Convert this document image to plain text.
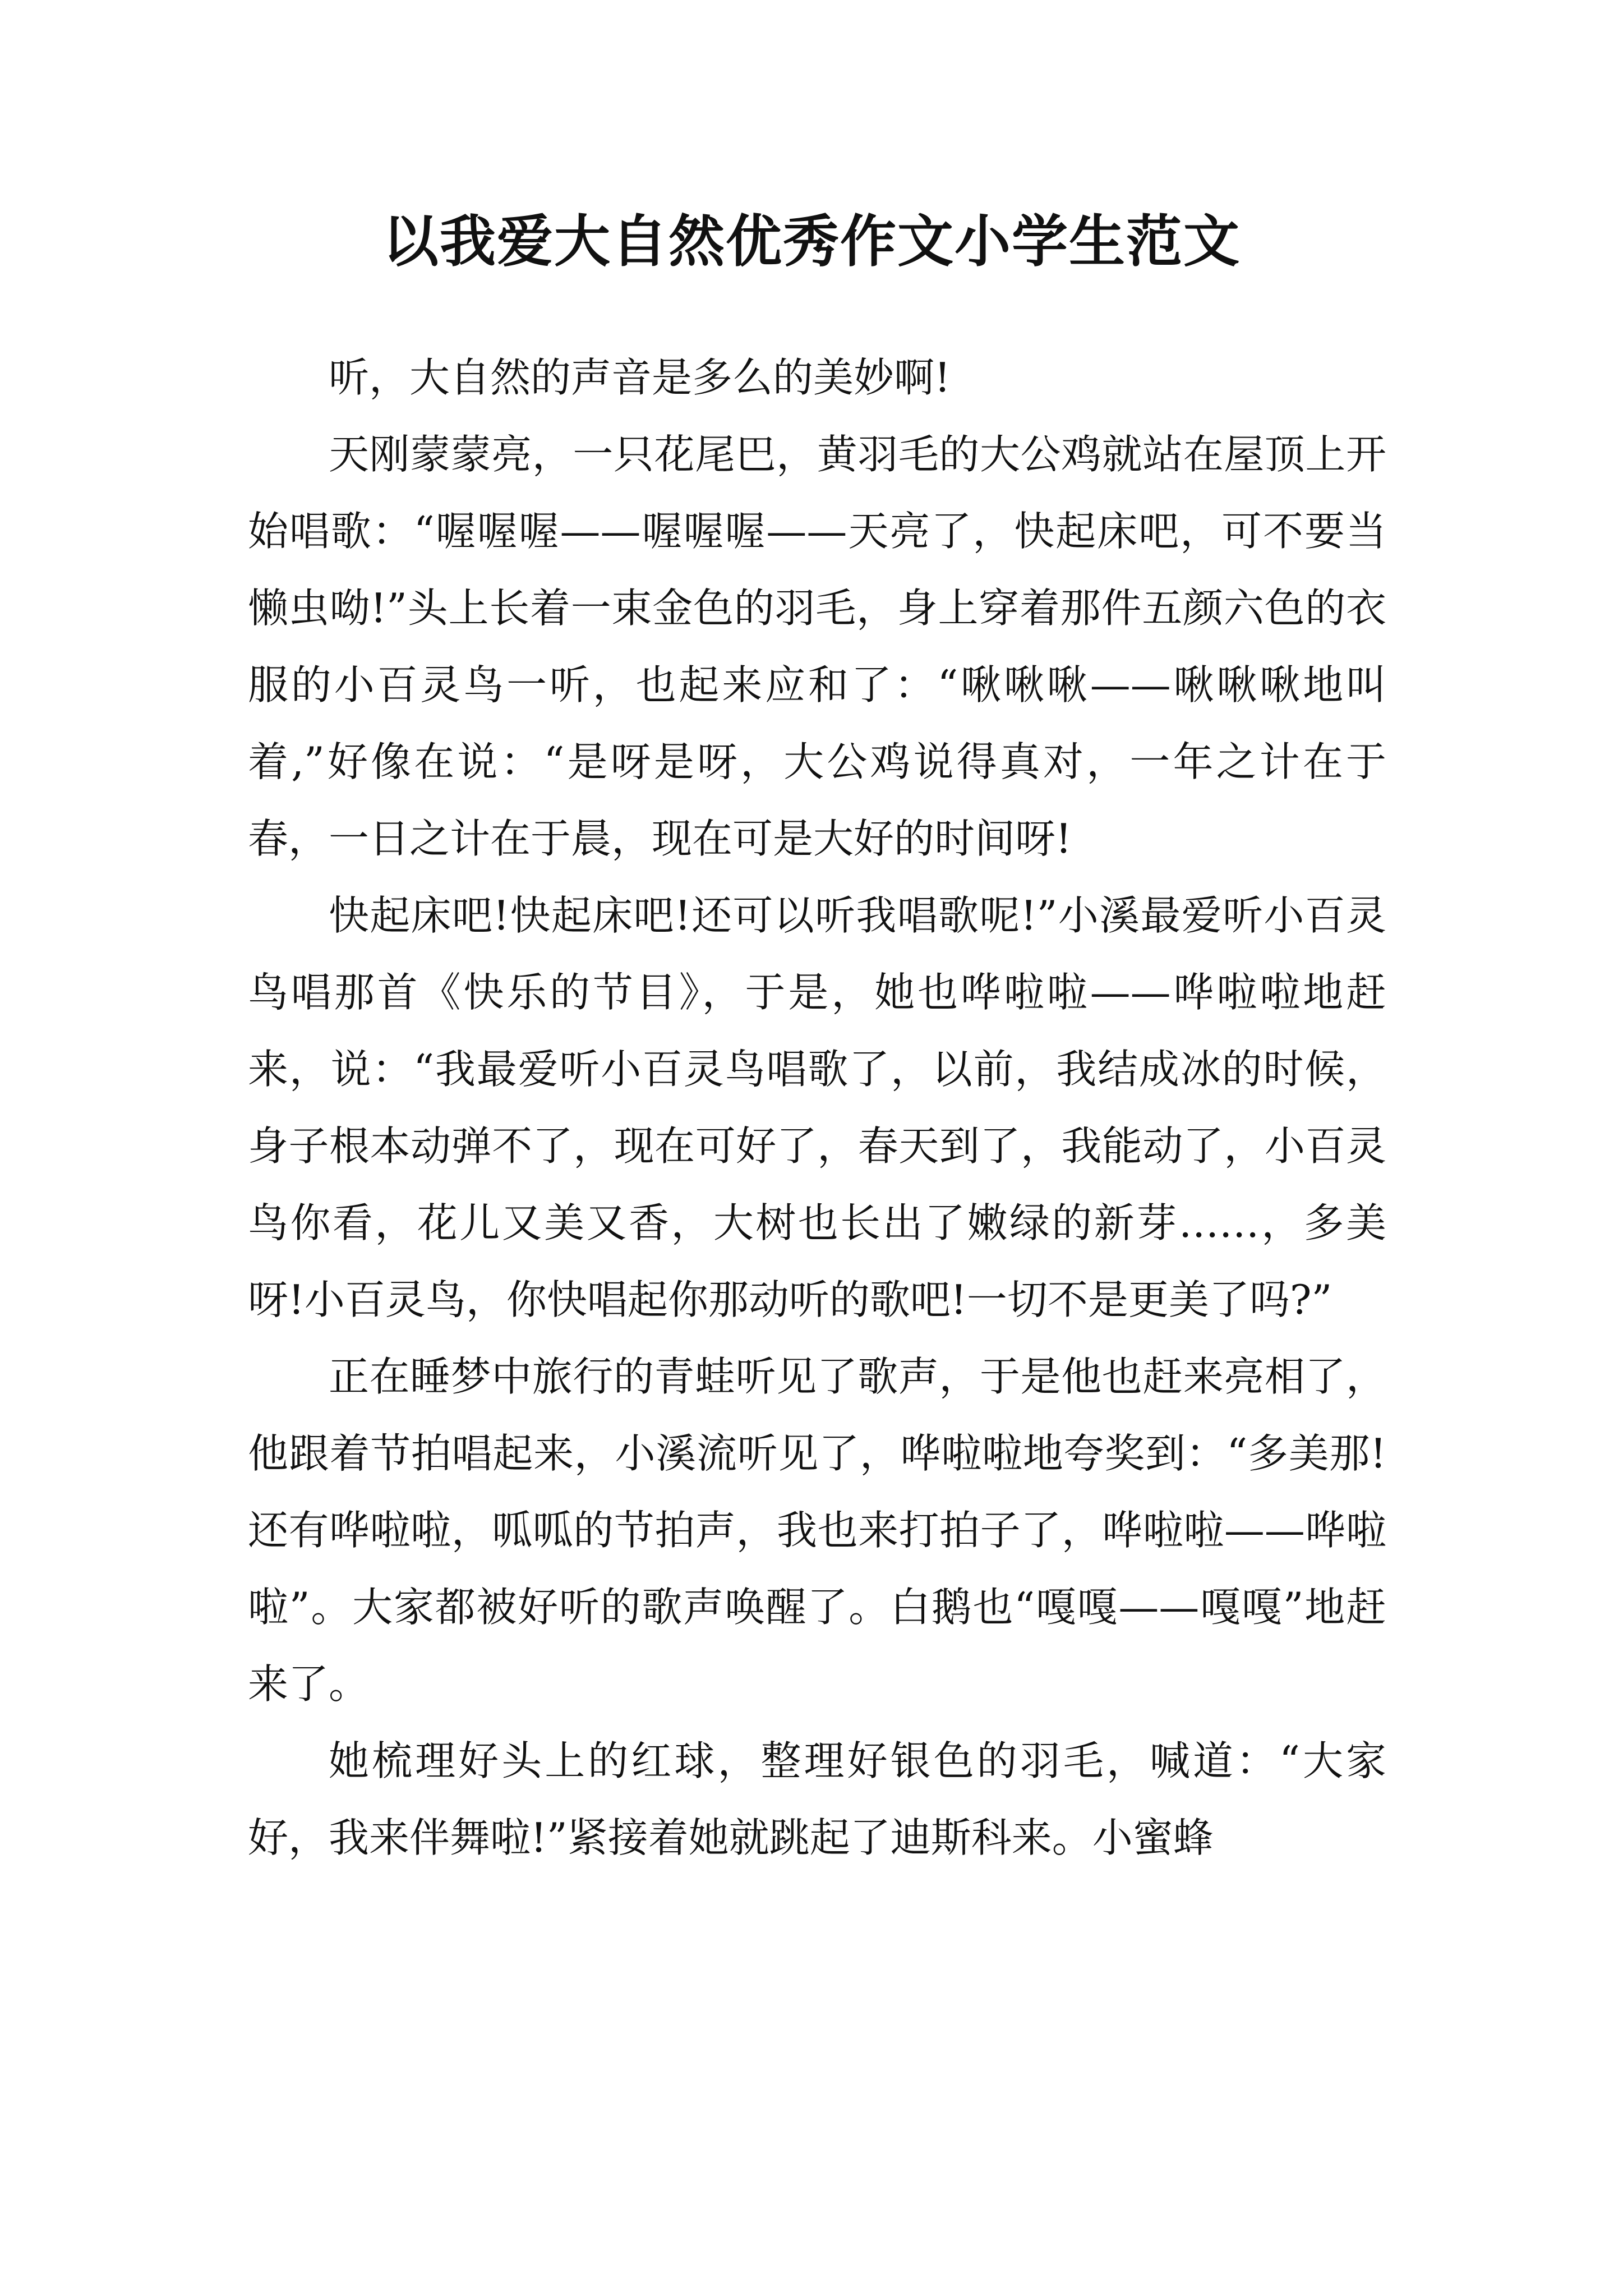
以我爱大自然优秀作文小学生范文

听，大自然的声音是多么的美妙啊!

天刚蒙蒙亮，一只花尾巴，黄羽毛的大公鸡就站在屋顶上开始唱歌：“喔喔喔——喔喔喔——天亮了，快起床吧，可不要当懒虫呦!”头上长着一束金色的羽毛，身上穿着那件五颜六色的衣服的小百灵鸟一听，也起来应和了：“啾啾啾——啾啾啾地叫着,”好像在说：“是呀是呀，大公鸡说得真对，一年之计在于春，一日之计在于晨，现在可是大好的时间呀!

快起床吧!快起床吧!还可以听我唱歌呢!”小溪最爱听小百灵鸟唱那首《快乐的节目》，于是，她也哗啦啦——哗啦啦地赶来，说：“我最爱听小百灵鸟唱歌了，以前，我结成冰的时候，身子根本动弹不了，现在可好了，春天到了，我能动了，小百灵鸟你看，花儿又美又香，大树也长出了嫩绿的新芽……，多美呀!小百灵鸟，你快唱起你那动听的歌吧!一切不是更美了吗?”

正在睡梦中旅行的青蛙听见了歌声，于是他也赶来亮相了，他跟着节拍唱起来，小溪流听见了，哗啦啦地夸奖到：“多美那!还有哗啦啦，呱呱的节拍声，我也来打拍子了，哗啦啦——哗啦啦”。大家都被好听的歌声唤醒了。白鹅也“嘎嘎——嘎嘎”地赶来了。

她梳理好头上的红球，整理好银色的羽毛，喊道：“大家好，我来伴舞啦!”紧接着她就跳起了迪斯科来。小蜜蜂
